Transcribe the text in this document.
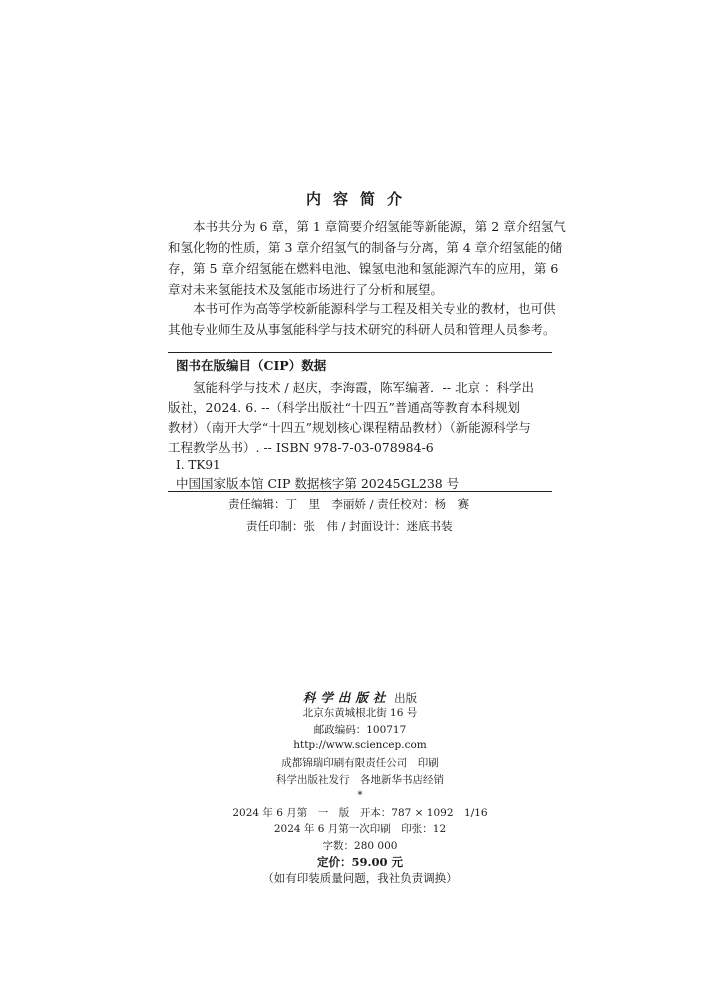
内容简介
本书共分为 6 章，第 1 章简要介绍氢能等新能源，第 2 章介绍氢气
和氢化物的性质，第 3 章介绍氢气的制备与分离，第 4 章介绍氢能的储
存，第 5 章介绍氢能在燃料电池、镍氢电池和氢能源汽车的应用，第 6
章对未来氢能技术及氢能市场进行了分析和展望。
本书可作为高等学校新能源科学与工程及相关专业的教材，也可供
其他专业师生及从事氢能科学与技术研究的科研人员和管理人员参考。
图书在版编目（CIP）数据
氢能科学与技术 / 赵庆，李海霞，陈军编著．-- 北京 ：科学出
版社，2024. 6. --（科学出版社“十四五”普通高等教育本科规划
教材）（南开大学“十四五”规划核心课程精品教材）（新能源科学与
工程教学丛书）. -- ISBN 978-7-03-078984-6
Ⅰ. TK91
中国国家版本馆 CIP 数据核字第 20245GL238 号
责任编辑：丁　里　李丽娇 / 责任校对：杨　赛
责任印制：张　伟 / 封面设计：迷底书装
科学出版社 出版
北京东黄城根北街 16 号
邮政编码：100717
http://www.sciencep.com
成都锦瑞印刷有限责任公司　印刷
科学出版社发行　各地新华书店经销
*
2024 年 6 月第　一　版　开本：787 × 1092　1/16
2024 年 6 月第一次印刷　印张：12
字数：280 000
定价：59.00 元
（如有印装质量问题，我社负责调换）
